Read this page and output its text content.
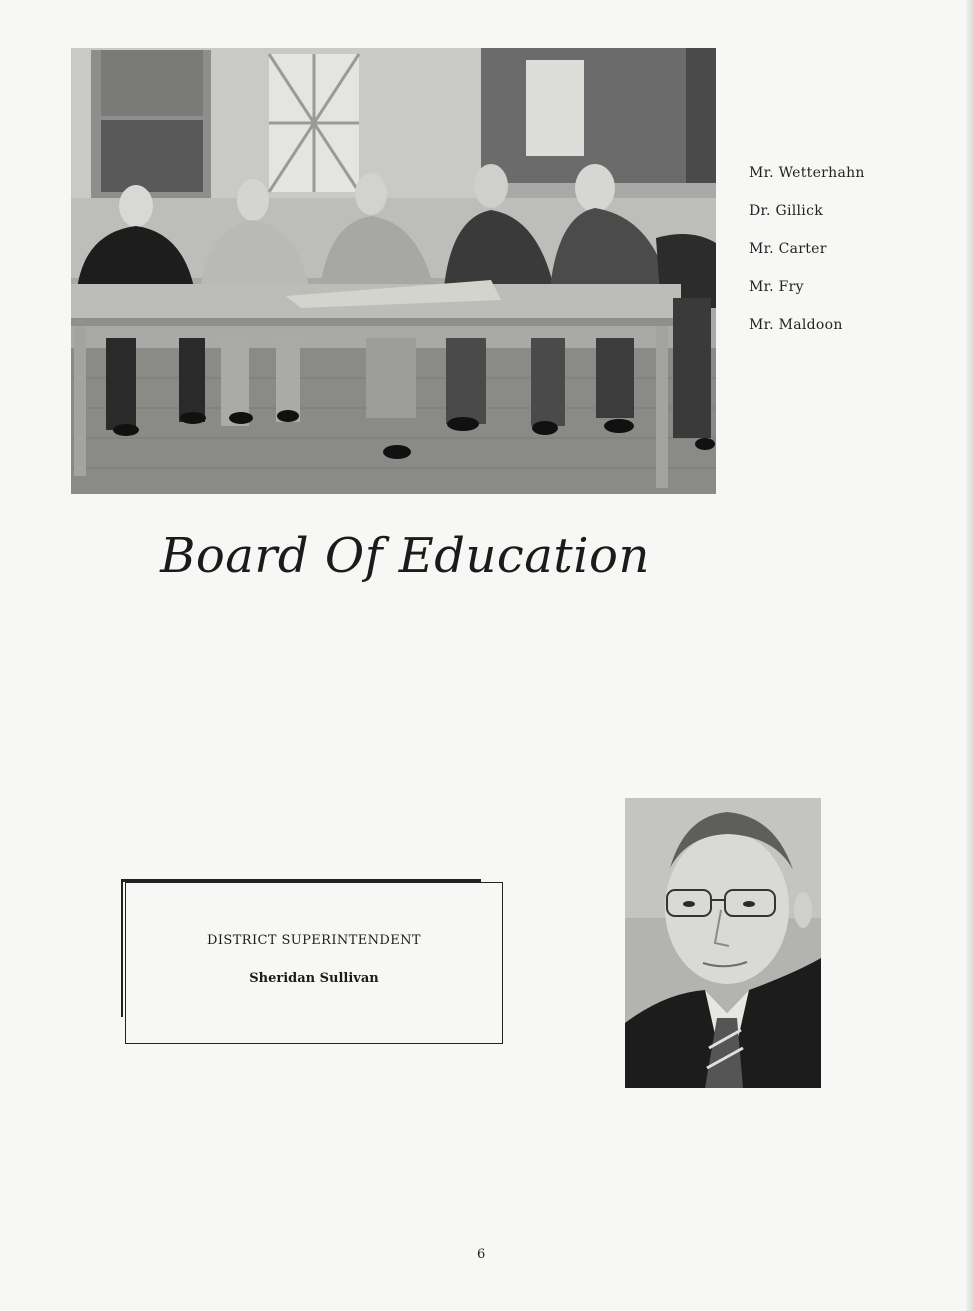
Mr. Wetterhahn
Dr. Gillick
Mr. Carter
Mr. Fry
Mr. Maldoon
Board Of Education
DISTRICT SUPERINTENDENT
Sheridan Sullivan
6
